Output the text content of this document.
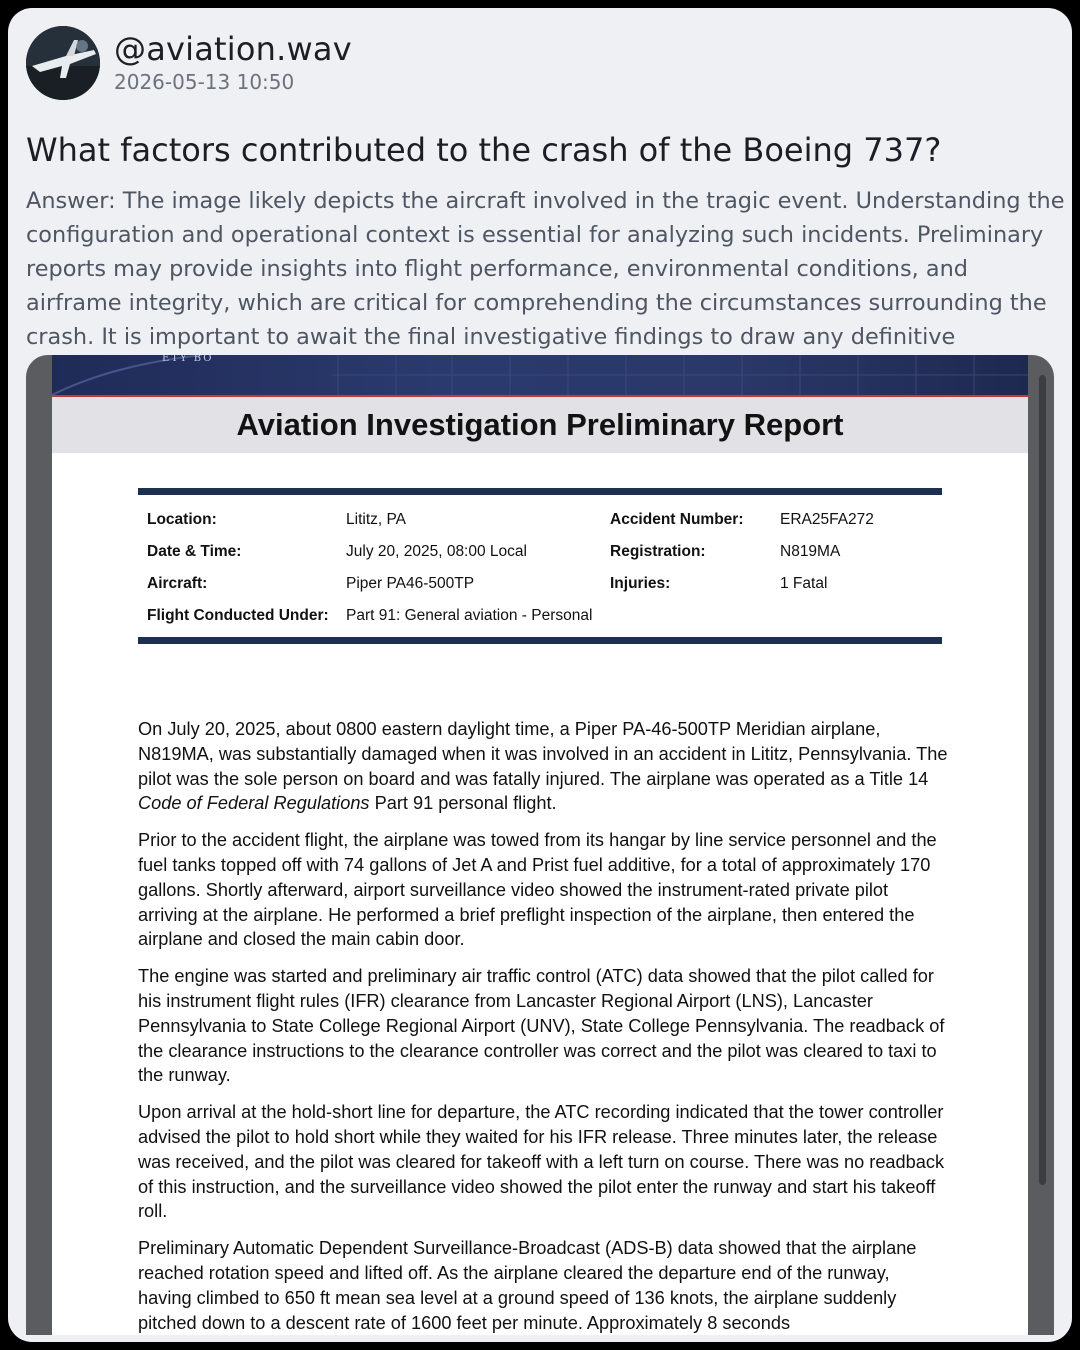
@aviation.wav
2026-05-13 10:50
What factors contributed to the crash of the Boeing 737?
Answer: The image likely depicts the aircraft involved in the tragic event. Understanding the configuration and operational context is essential for analyzing such incidents. Preliminary reports may provide insights into flight performance, environmental conditions, and airframe integrity, which are critical for comprehending the circumstances surrounding the crash. It is important to await the final investigative findings to draw any definitive
ETY BO
Aviation Investigation Preliminary Report
Location:	Lititz, PA	Accident Number: ERA25FA272
Date & Time:	July 20, 2025, 08:00 Local	Registration:	N819MA
Aircraft:	Piper PA46-500TP	Injuries:	1 Fatal
Flight Conducted Under: Part 91: General aviation - Personal

On July 20, 2025, about 0800 eastern daylight time, a Piper PA-46-500TP Meridian airplane, N819MA, was substantially damaged when it was involved in an accident in Lititz, Pennsylvania. The pilot was the sole person on board and was fatally injured. The airplane was operated as a Title 14 Code of Federal Regulations Part 91 personal flight.

Prior to the accident flight, the airplane was towed from its hangar by line service personnel and the fuel tanks topped off with 74 gallons of Jet A and Prist fuel additive, for a total of approximately 170 gallons. Shortly afterward, airport surveillance video showed the instrument-rated private pilot arriving at the airplane. He performed a brief preflight inspection of the airplane, then entered the airplane and closed the main cabin door.

The engine was started and preliminary air traffic control (ATC) data showed that the pilot called for his instrument flight rules (IFR) clearance from Lancaster Regional Airport (LNS), Lancaster Pennsylvania to State College Regional Airport (UNV), State College Pennsylvania. The readback of the clearance instructions to the clearance controller was correct and the pilot was cleared to taxi to the runway.

Upon arrival at the hold-short line for departure, the ATC recording indicated that the tower controller advised the pilot to hold short while they waited for his IFR release. Three minutes later, the release was received, and the pilot was cleared for takeoff with a left turn on course. There was no readback of this instruction, and the surveillance video showed the pilot enter the runway and start his takeoff roll.

Preliminary Automatic Dependent Surveillance-Broadcast (ADS-B) data showed that the airplane reached rotation speed and lifted off. As the airplane cleared the departure end of the runway, having climbed to 650 ft mean sea level at a ground speed of 136 knots, the airplane suddenly pitched down to a descent rate of 1600 feet per minute. Approximately 8 seconds
